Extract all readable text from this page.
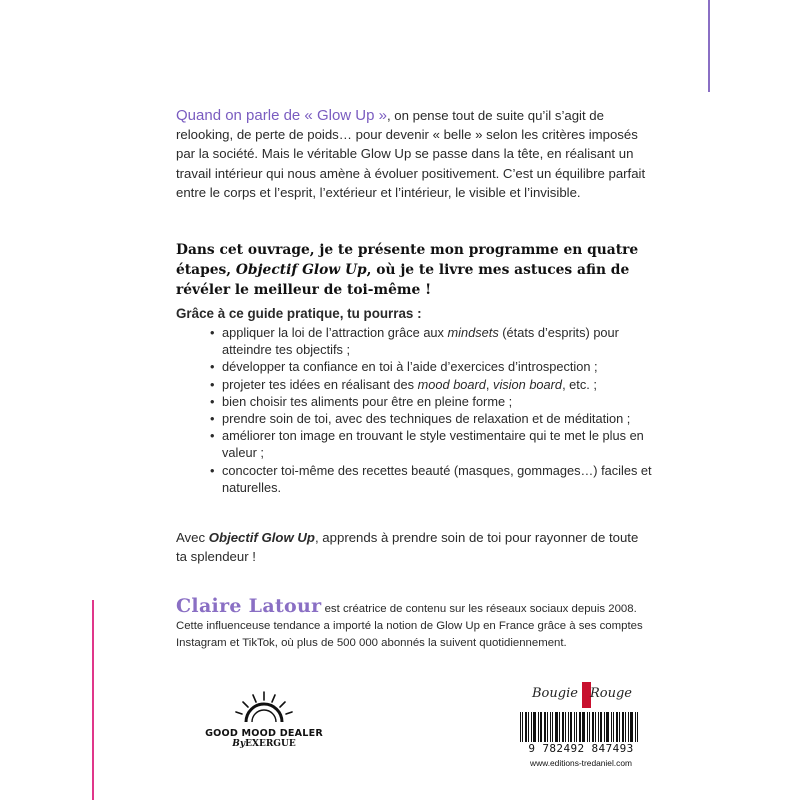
Quand on parle de « Glow Up », on pense tout de suite qu’il s’agit de relooking, de perte de poids… pour devenir « belle » selon les critères imposés par la société. Mais le véritable Glow Up se passe dans la tête, en réalisant un travail intérieur qui nous amène à évoluer positivement. C’est un équilibre parfait entre le corps et l’esprit, l’extérieur et l’intérieur, le visible et l’invisible.
Dans cet ouvrage, je te présente mon programme en quatre étapes, Objectif Glow Up, où je te livre mes astuces afin de révéler le meilleur de toi-même !
Grâce à ce guide pratique, tu pourras :
• appliquer la loi de l’attraction grâce aux mindsets (états d’esprits) pour atteindre tes objectifs ;
• développer ta confiance en toi à l’aide d’exercices d’introspection ;
• projeter tes idées en réalisant des mood board, vision board, etc. ;
• bien choisir tes aliments pour être en pleine forme ;
• prendre soin de toi, avec des techniques de relaxation et de méditation ;
• améliorer ton image en trouvant le style vestimentaire qui te met le plus en valeur ;
• concocter toi-même des recettes beauté (masques, gommages…) faciles et naturelles.
Avec Objectif Glow Up, apprends à prendre soin de toi pour rayonner de toute ta splendeur !
Claire Latour est créatrice de contenu sur les réseaux sociaux depuis 2008. Cette influenceuse tendance a importé la notion de Glow Up en France grâce à ses comptes Instagram et TikTok, où plus de 500 000 abonnés la suivent quotidiennement.
GOOD MOOD DEALER
ByEXERGUE
Bougie Rouge
9 782492 847493
www.editions-tredaniel.com
